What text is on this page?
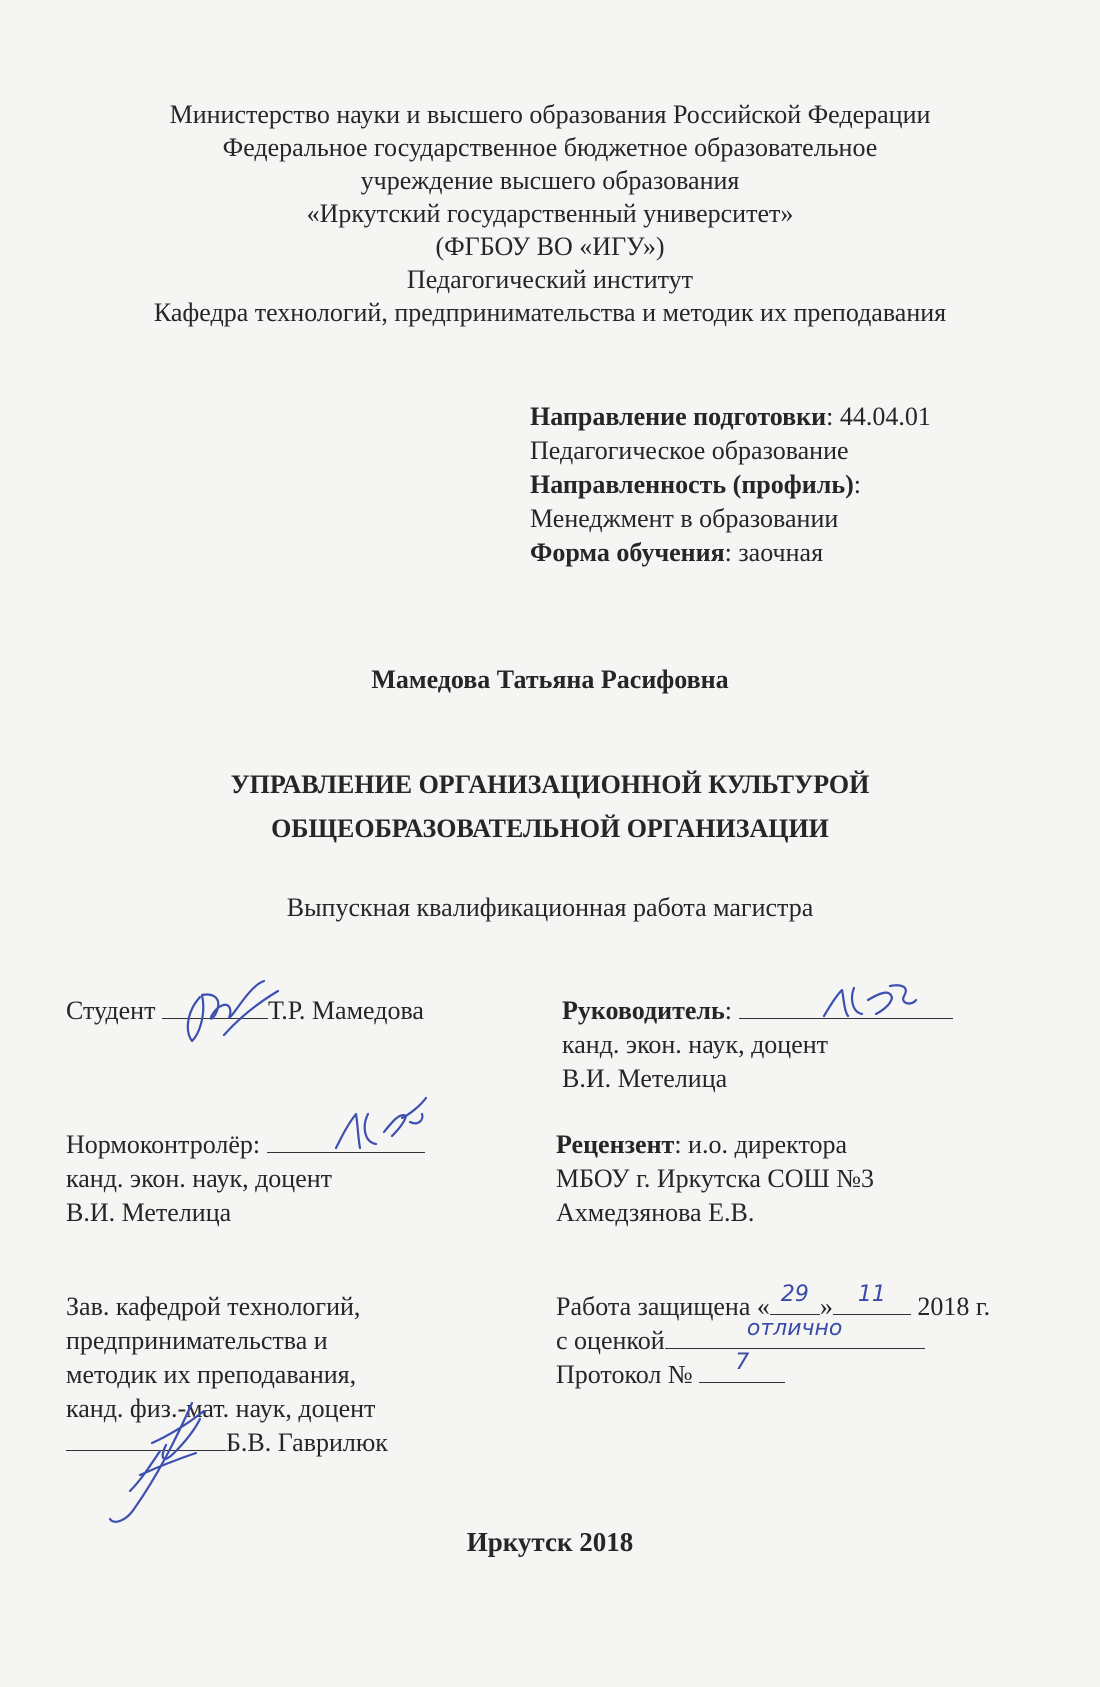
Министерство науки и высшего образования Российской Федерации
Федеральное государственное бюджетное образовательное
учреждение высшего образования
«Иркутский государственный университет»
(ФГБОУ ВО «ИГУ»)
Педагогический институт
Кафедра технологий, предпринимательства и методик их преподавания
Направление подготовки: 44.04.01
Педагогическое образование
Направленность (профиль):
Менеджмент в образовании
Форма обучения: заочная
Мамедова Татьяна Расифовна
УПРАВЛЕНИЕ ОРГАНИЗАЦИОННОЙ КУЛЬТУРОЙ
ОБЩЕОБРАЗОВАТЕЛЬНОЙ ОРГАНИЗАЦИИ
Выпускная квалификационная работа магистра
Студент	Т.Р. Мамедова	Руководитель:
канд. экон. наук, доцент
В.И. Метелица
Нормоконтролёр:
канд. экон. наук, доцент
В.И. Метелица
Рецензент: и.о. директора
МБОУ г. Иркутска СОШ №3
Ахмедзянова Е.В.
Зав. кафедрой технологий,
предпринимательства и
методик их преподавания,
канд. физ.-мат. наук, доцент
Б.В. Гаврилюк
Работа защищена « 29 »	11	2018 г.
с оценкой	отлично
Протокол №	7
Иркутск 2018
